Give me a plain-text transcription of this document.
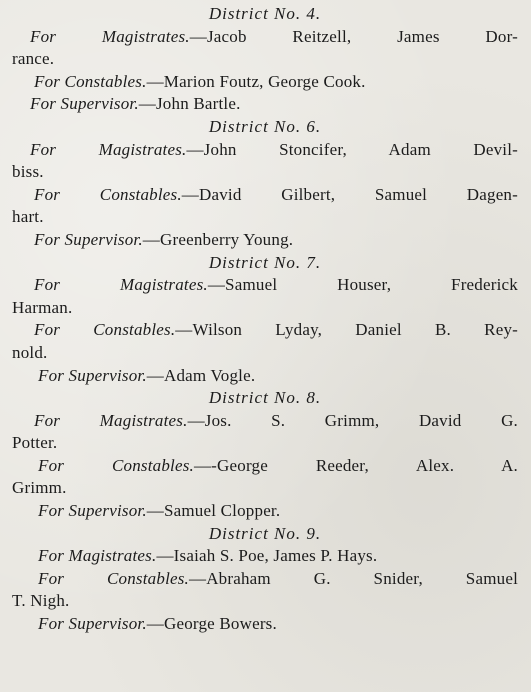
District No. 4.
For Magistrates.—Jacob Reitzell, James Dor-
rance.
For Constables.—Marion Foutz, George Cook.
For Supervisor.—John Bartle.
District No. 6.
For Magistrates.—John Stoncifer, Adam Devil-
biss.
For Constables.—David Gilbert, Samuel Dagen-
hart.
For Supervisor.—Greenberry Young.
District No. 7.
For Magistrates.—Samuel Houser, Frederick
Harman.
For Constables.—Wilson Lyday, Daniel B. Rey-
nold.
For Supervisor.—Adam Vogle.
District No. 8.
For Magistrates.—Jos. S. Grimm, David G.
Potter.
For Constables.—-George Reeder, Alex. A.
Grimm.
For Supervisor.—Samuel Clopper.
District No. 9.
For Magistrates.—Isaiah S. Poe, James P. Hays.
For Constables.—Abraham G. Snider, Samuel
T. Nigh.
For Supervisor.—George Bowers.
